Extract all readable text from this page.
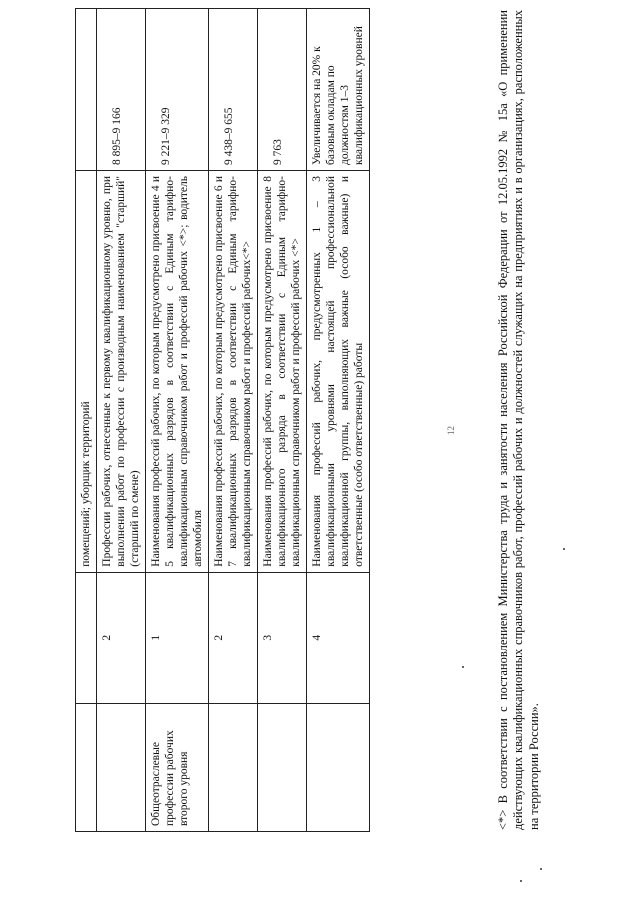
		помещений; уборщик территорий	

	2	Профессии рабочих, отнесенные к первому квалификационному уровню, при выполнении работ по профессии с производным наименованием "старший" (старший по смене)	8 895–9 166

Общеотраслевые профессии рабочих второго уровня	1	Наименования профессий рабочих, по которым предусмотрено присвоение 4 и 5 квалификационных разрядов в соответствии с Единым тарифно-квалификационным справочником работ и профессий рабочих <*>; водитель автомобиля	9 221–9 329

	2	Наименования профессий рабочих, по которым предусмотрено присвоение 6 и 7 квалификационных разрядов в соответствии с Единым тарифно-квалификационным справочником работ и профессий рабочих<*>	9 438–9 655

	3	Наименования профессий рабочих, по которым предусмотрено присвоение 8 квалификационного разряда в соответствии с Единым тарифно-квалификационным справочником работ и профессий рабочих <*>	9 763

	4	Наименования профессий рабочих, предусмотренных 1 – 3 квалификационными уровнями настоящей профессиональной квалификационной группы, выполняющих важные (особо важные) и ответственные (особо ответственные) работы	Увеличивается на 20% к базовым окладам по должностям 1–3 квалификационных уровней
12	<*> В соответствии с постановлением Министерства труда и занятости населения Российской Федерации от 12.05.1992 № 15а «О применении действующих квалификационных справочников работ, профессий рабочих и должностей служащих на предприятиях и в организациях, расположенных на территории России».
